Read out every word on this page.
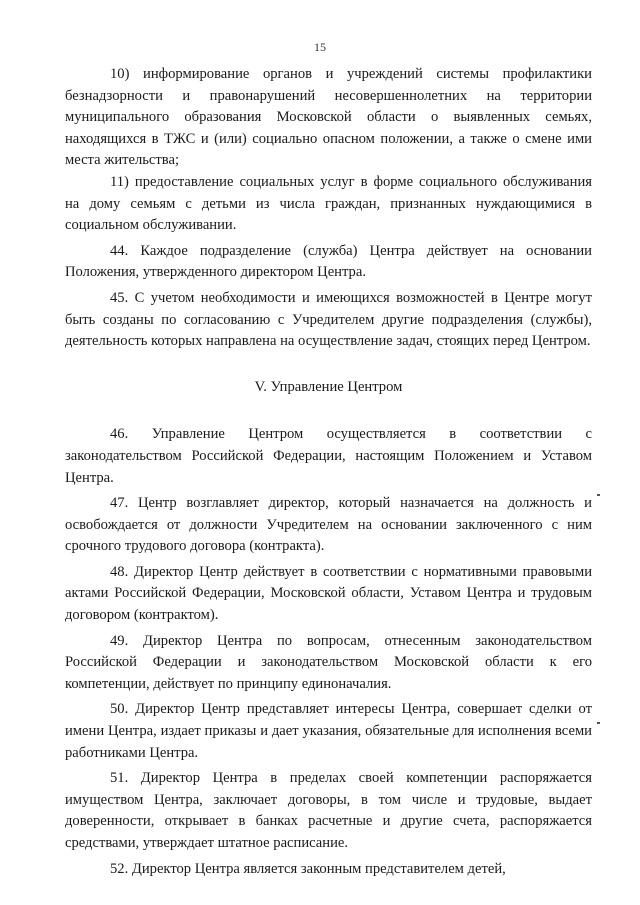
15

10) информирование органов и учреждений системы профилактики безнадзорности и правонарушений несовершеннолетних на территории муниципального образования Московской области о выявленных семьях, находящихся в ТЖС и (или) социально опасном положении, а также о смене ими места жительства;

11) предоставление социальных услуг в форме социального обслуживания на дому семьям с детьми из числа граждан, признанных нуждающимися в социальном обслуживании.

44. Каждое подразделение (служба) Центра действует на основании Положения, утвержденного директором Центра.

45. С учетом необходимости и имеющихся возможностей в Центре могут быть созданы по согласованию с Учредителем другие подразделения (службы), деятельность которых направлена на осуществление задач, стоящих перед Центром.

V. Управление Центром

46. Управление Центром осуществляется в соответствии с законодательством Российской Федерации, настоящим Положением и Уставом Центра.

47. Центр возглавляет директор, который назначается на должность и освобождается от должности Учредителем на основании заключенного с ним срочного трудового договора (контракта).

48. Директор Центр действует в соответствии с нормативными правовыми актами Российской Федерации, Московской области, Уставом Центра и трудовым договором (контрактом).

49. Директор Центра по вопросам, отнесенным законодательством Российской Федерации и законодательством Московской области к его компетенции, действует по принципу единоначалия.

50. Директор Центр представляет интересы Центра, совершает сделки от имени Центра, издает приказы и дает указания, обязательные для исполнения всеми работниками Центра.

51. Директор Центра в пределах своей компетенции распоряжается имуществом Центра, заключает договоры, в том числе и трудовые, выдает доверенности, открывает в банках расчетные и другие счета, распоряжается средствами, утверждает штатное расписание.

52. Директор Центра является законным представителем детей,
